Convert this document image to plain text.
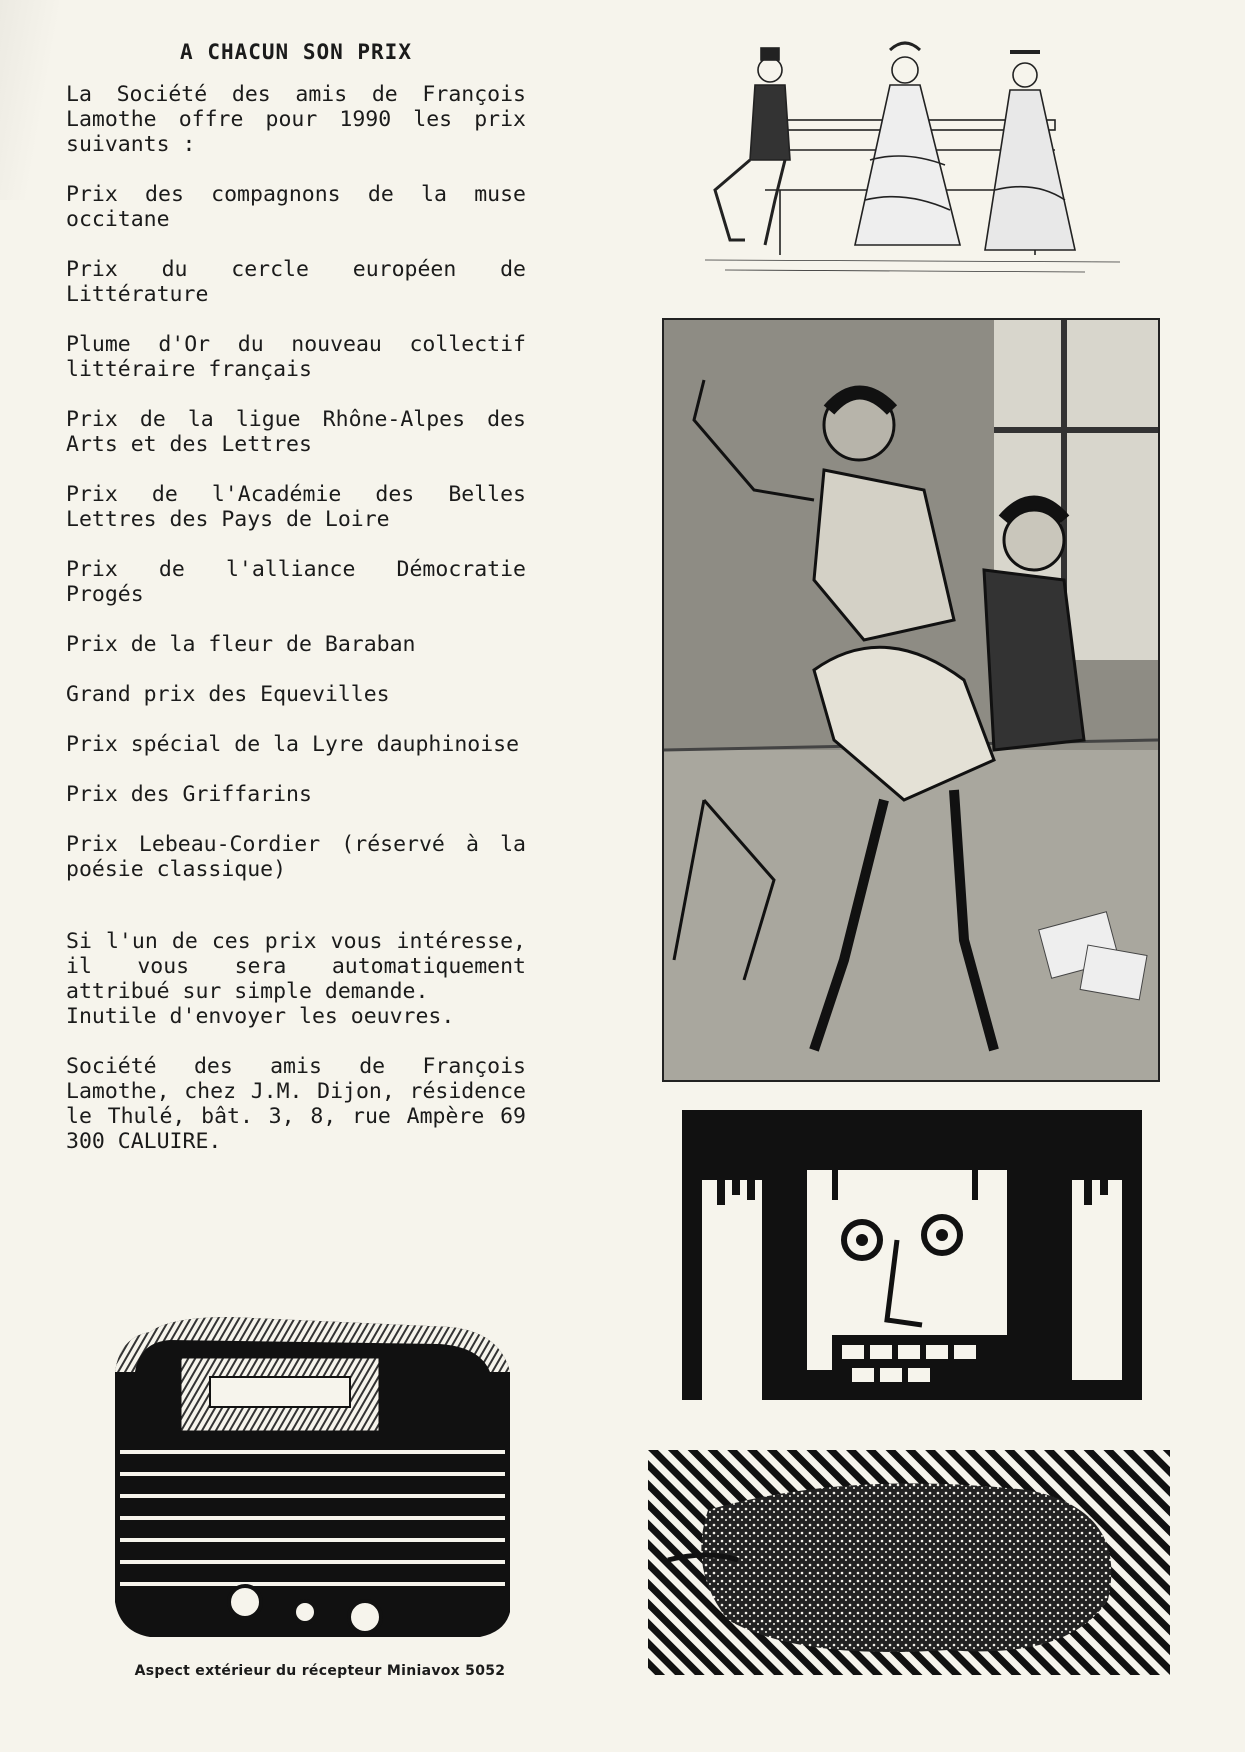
A CHACUN SON PRIX

La Société des amis de François Lamothe offre pour 1990 les prix suivants :

Prix des compagnons de la muse occitane
Prix du cercle européen de Littérature
Plume d'Or du nouveau collectif littéraire français
Prix de la ligue Rhône-Alpes des Arts et des Lettres
Prix de l'Académie des Belles Lettres des Pays de Loire
Prix de l'alliance Démocratie Progés
Prix de la fleur de Baraban
Grand prix des Equevilles
Prix spécial de la Lyre dauphinoise
Prix des Griffarins
Prix Lebeau-Cordier (réservé à la poésie classique)

Si l'un de ces prix vous intéresse, il vous sera automatiquement attribué sur simple demande.
Inutile d'envoyer les oeuvres.

Société des amis de François Lamothe, chez J.M. Dijon, résidence le Thulé, bât. 3, 8, rue Ampère 69 300 CALUIRE.

Aspect extérieur du récepteur Miniavox 5052
